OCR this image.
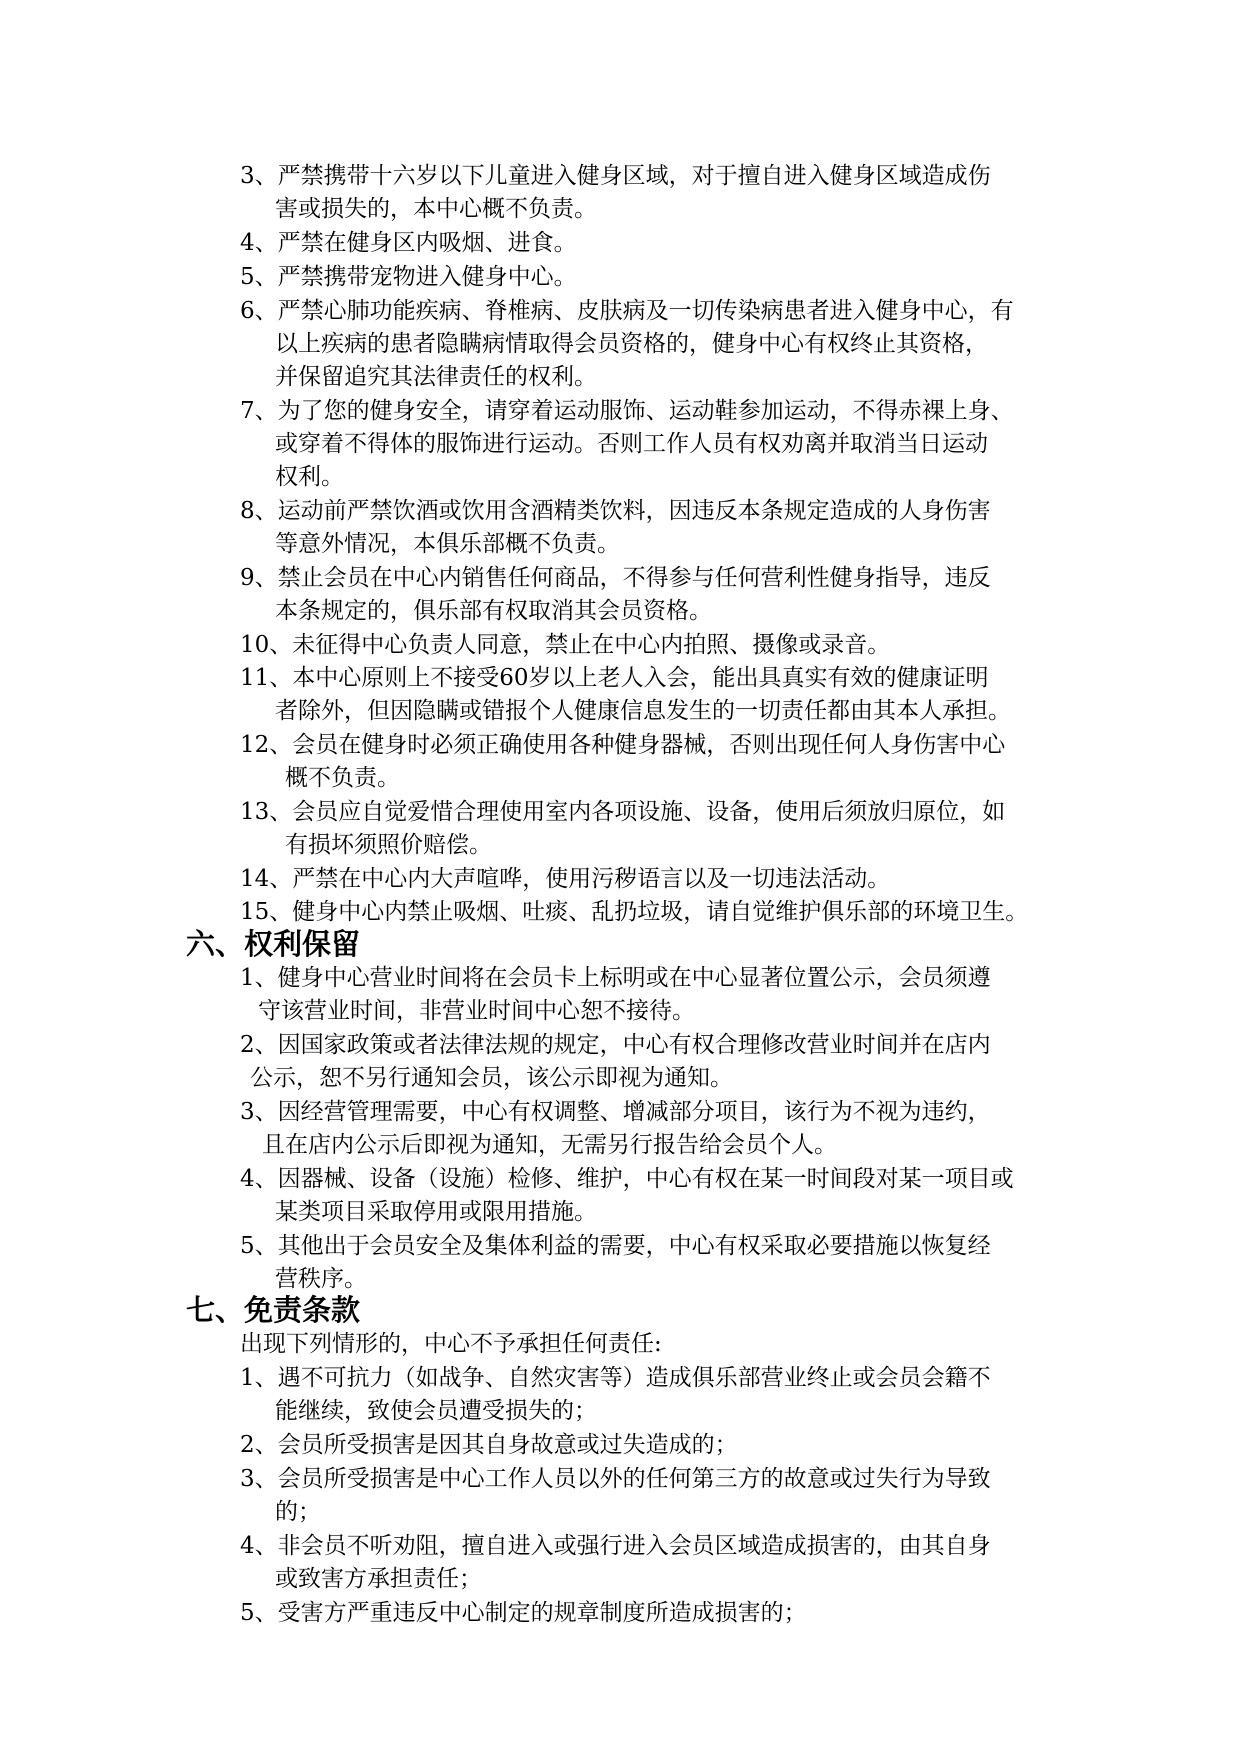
3、严禁携带十六岁以下儿童进入健身区域，对于擅自进入健身区域造成伤
害或损失的，本中心概不负责。
4、严禁在健身区内吸烟、进食。
5、严禁携带宠物进入健身中心。
6、严禁心肺功能疾病、脊椎病、皮肤病及一切传染病患者进入健身中心，有
以上疾病的患者隐瞒病情取得会员资格的，健身中心有权终止其资格，
并保留追究其法律责任的权利。
7、为了您的健身安全，请穿着运动服饰、运动鞋参加运动，不得赤裸上身、
或穿着不得体的服饰进行运动。否则工作人员有权劝离并取消当日运动
权利。
8、运动前严禁饮酒或饮用含酒精类饮料，因违反本条规定造成的人身伤害
等意外情况，本俱乐部概不负责。
9、禁止会员在中心内销售任何商品，不得参与任何营利性健身指导，违反
本条规定的，俱乐部有权取消其会员资格。
10、未征得中心负责人同意，禁止在中心内拍照、摄像或录音。
11、本中心原则上不接受60岁以上老人入会，能出具真实有效的健康证明
者除外，但因隐瞒或错报个人健康信息发生的一切责任都由其本人承担。
12、会员在健身时必须正确使用各种健身器械，否则出现任何人身伤害中心
概不负责。
13、会员应自觉爱惜合理使用室内各项设施、设备，使用后须放归原位，如
有损坏须照价赔偿。
14、严禁在中心内大声喧哗，使用污秽语言以及一切违法活动。
15、健身中心内禁止吸烟、吐痰、乱扔垃圾，请自觉维护俱乐部的环境卫生。
六、权利保留
1、健身中心营业时间将在会员卡上标明或在中心显著位置公示，会员须遵
守该营业时间，非营业时间中心恕不接待。
2、因国家政策或者法律法规的规定，中心有权合理修改营业时间并在店内
公示，恕不另行通知会员，该公示即视为通知。
3、因经营管理需要，中心有权调整、增减部分项目，该行为不视为违约，
且在店内公示后即视为通知，无需另行报告给会员个人。
4、因器械、设备（设施）检修、维护，中心有权在某一时间段对某一项目或
某类项目采取停用或限用措施。
5、其他出于会员安全及集体利益的需要，中心有权采取必要措施以恢复经
营秩序。
七、免责条款
出现下列情形的，中心不予承担任何责任:
1、遇不可抗力（如战争、自然灾害等）造成俱乐部营业终止或会员会籍不
能继续，致使会员遭受损失的；
2、会员所受损害是因其自身故意或过失造成的；
3、会员所受损害是中心工作人员以外的任何第三方的故意或过失行为导致
的；
4、非会员不听劝阻，擅自进入或强行进入会员区域造成损害的，由其自身
或致害方承担责任；
5、受害方严重违反中心制定的规章制度所造成损害的；
